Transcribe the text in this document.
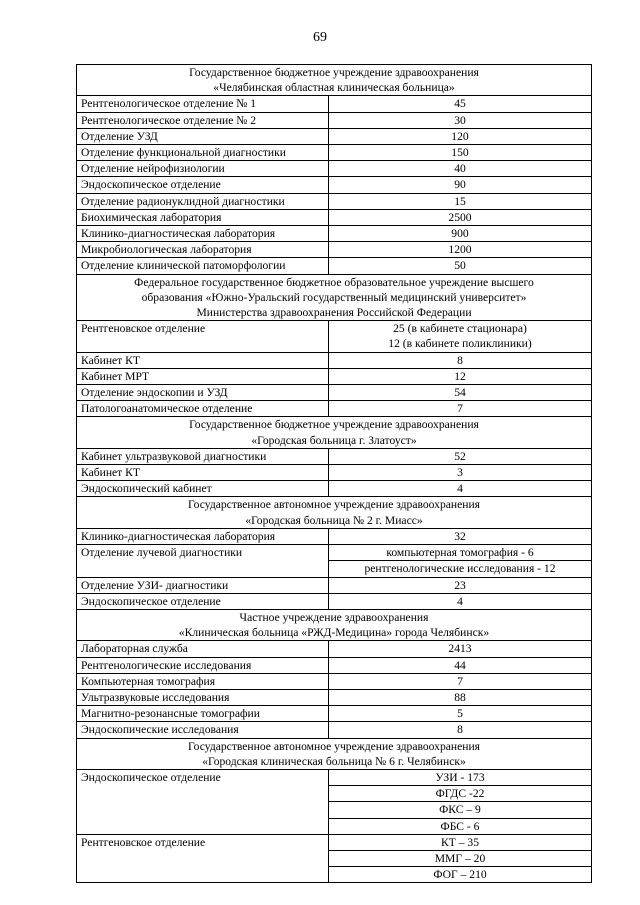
69
Государственное бюджетное учреждение здравоохранения
«Челябинская областная клиническая больница»	

Рентгенологическое отделение № 1	45
Рентгенологическое отделение № 2	30
Отделение УЗД	120
Отделение функциональной диагностики	150
Отделение нейрофизиологии	40
Эндоскопическое отделение	90
Отделение радионуклидной диагностики	15
Биохимическая лаборатория	2500
Клинико-диагностическая лаборатория	900
Микробиологическая лаборатория	1200
Отделение клинической патоморфологии	50

Федеральное государственное бюджетное образовательное учреждение высшего
образования «Южно-Уральский государственный медицинский университет»
Министерства здравоохранения Российской Федерации	

Рентгеновское отделение	25 (в кабинете стационара)
12 (в кабинете поликлиники)

Кабинет КТ	8
Кабинет МРТ	12
Отделение эндоскопии и УЗД	54
Патологоанатомическое отделение	7

Государственное бюджетное учреждение здравоохранения
«Городская больница г. Златоуст»	

Кабинет ультразвуковой диагностики	52
Кабинет КТ	3
Эндоскопический кабинет	4

Государственное автономное учреждение здравоохранения
«Городская больница № 2 г. Миасс»	

Клинико-диагностическая лаборатория	32
Отделение лучевой диагностики	компьютерная томография - 6
	рентгенологические исследования - 12
Отделение УЗИ- диагностики	23
Эндоскопическое отделение	4

Частное учреждение здравоохранения
«Клиническая больница «РЖД-Медицина» города Челябинск»	

Лабораторная служба	2413
Рентгенологические исследования	44
Компьютерная томография	7
Ультразвуковые исследования	88
Магнитно-резонансные томографии	5
Эндоскопические исследования	8

Государственное автономное учреждение здравоохранения
«Городская клиническая больница № 6 г. Челябинск»	

Эндоскопическое отделение	УЗИ - 173
	ФГДС -22
	ФКС – 9
	ФБС - 6
Рентгеновское отделение	КТ – 35
	ММГ – 20
	ФОГ – 210
